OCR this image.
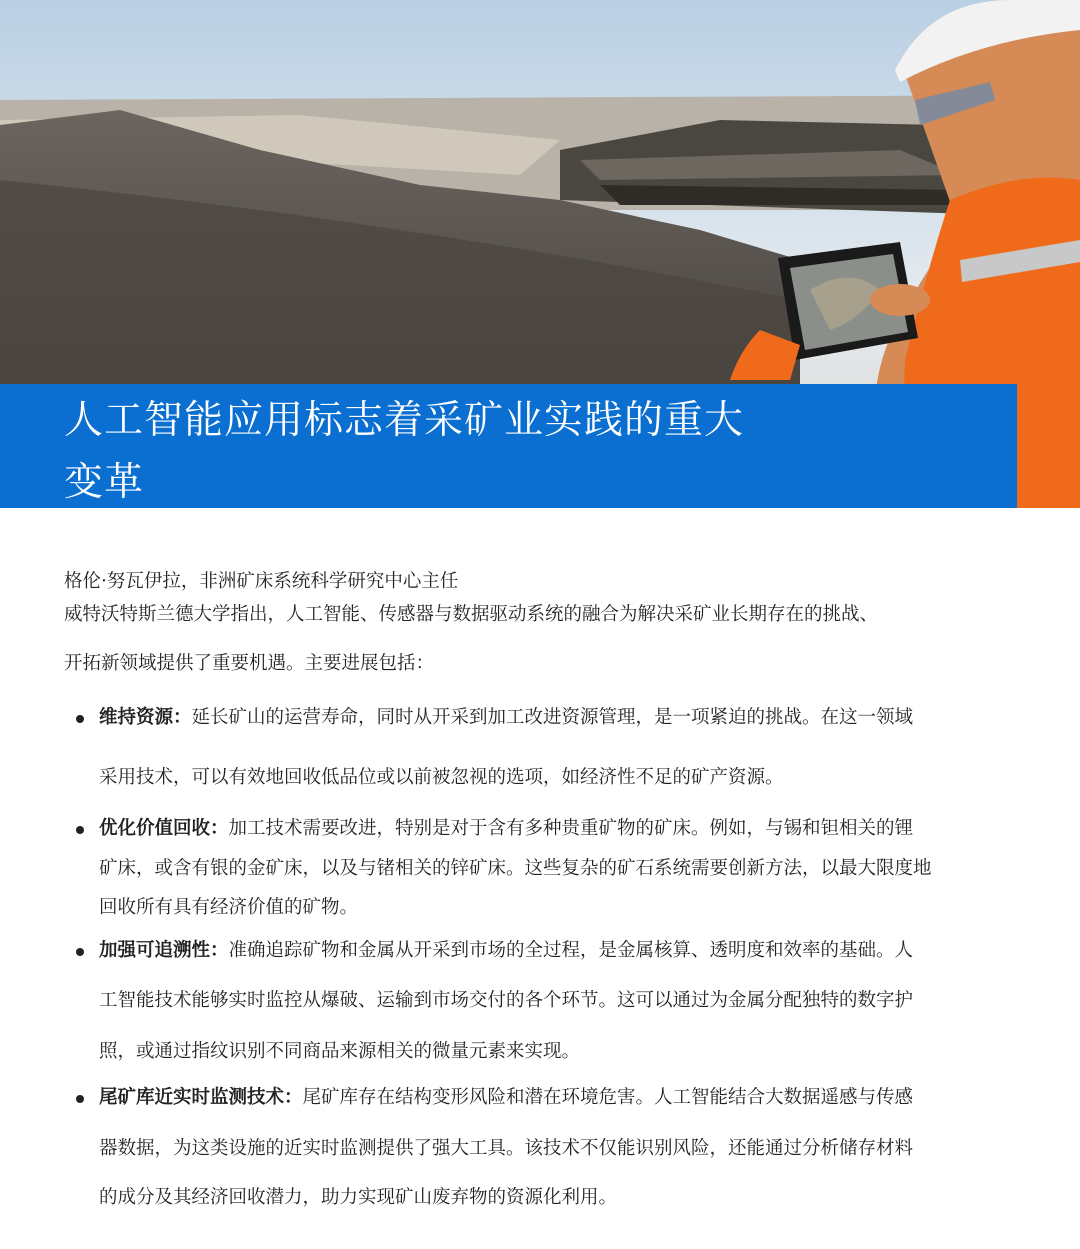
人工智能应用标志着采矿业实践的重大
变革
格伦·努瓦伊拉，非洲矿床系统科学研究中心主任
威特沃特斯兰德大学指出，人工智能、传感器与数据驱动系统的融合为解决采矿业长期存在的挑战、
开拓新领域提供了重要机遇。主要进展包括：
维持资源：延长矿山的运营寿命，同时从开采到加工改进资源管理，是一项紧迫的挑战。在这一领域
采用技术，可以有效地回收低品位或以前被忽视的选项，如经济性不足的矿产资源。
优化价值回收：加工技术需要改进，特别是对于含有多种贵重矿物的矿床。例如，与锡和钽相关的锂
矿床，或含有银的金矿床，以及与锗相关的锌矿床。这些复杂的矿石系统需要创新方法，以最大限度地
回收所有具有经济价值的矿物。
加强可追溯性：准确追踪矿物和金属从开采到市场的全过程，是金属核算、透明度和效率的基础。人
工智能技术能够实时监控从爆破、运输到市场交付的各个环节。这可以通过为金属分配独特的数字护
照，或通过指纹识别不同商品来源相关的微量元素来实现。
尾矿库近实时监测技术：尾矿库存在结构变形风险和潜在环境危害。人工智能结合大数据遥感与传感
器数据，为这类设施的近实时监测提供了强大工具。该技术不仅能识别风险，还能通过分析储存材料
的成分及其经济回收潜力，助力实现矿山废弃物的资源化利用。
